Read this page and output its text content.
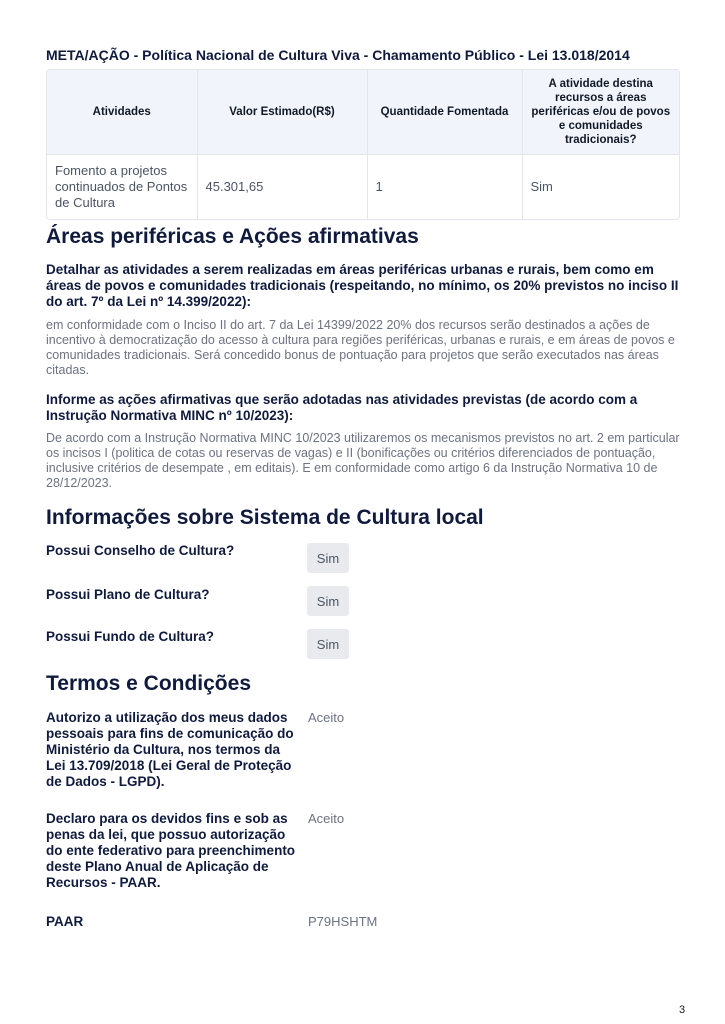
META/AÇÃO - Política Nacional de Cultura Viva - Chamamento Público - Lei 13.018/2014
Atividades	Valor Estimado(R$)	Quantidade Fomentada	A atividade destina recursos a áreas periféricas e/ou de povos e comunidades tradicionais?
Fomento a projetos continuados de Pontos de Cultura	45.301,65	1	Sim
Áreas periféricas e Ações afirmativas
Detalhar as atividades a serem realizadas em áreas periféricas urbanas e rurais, bem como em áreas de povos e comunidades tradicionais (respeitando, no mínimo, os 20% previstos no inciso II do art. 7º da Lei nº 14.399/2022):
em conformidade com o Inciso II do art. 7 da Lei 14399/2022 20% dos recursos serão destinados a ações de incentivo à democratização do acesso à cultura para regiões periféricas, urbanas e rurais, e em áreas de povos e comunidades tradicionais. Será concedido bonus de pontuação para projetos que serão executados nas áreas citadas.
Informe as ações afirmativas que serão adotadas nas atividades previstas (de acordo com a Instrução Normativa MINC nº 10/2023):
De acordo com a Instrução Normativa MINC 10/2023 utilizaremos os mecanismos previstos no art. 2 em particular os incisos I (politica de cotas ou reservas de vagas) e II (bonificações ou critérios diferenciados de pontuação, inclusive critérios de desempate , em editais). E em conformidade como artigo 6 da Instrução Normativa 10 de 28/12/2023.
Informações sobre Sistema de Cultura local
Possui Conselho de Cultura?	Sim
Possui Plano de Cultura?	Sim
Possui Fundo de Cultura?	Sim
Termos e Condições
Autorizo a utilização dos meus dados pessoais para fins de comunicação do Ministério da Cultura, nos termos da Lei 13.709/2018 (Lei Geral de Proteção de Dados - LGPD).
Aceito
Declaro para os devidos fins e sob as penas da lei, que possuo autorização do ente federativo para preenchimento deste Plano Anual de Aplicação de Recursos - PAAR.
Aceito
PAAR	P79HSHTM
3
